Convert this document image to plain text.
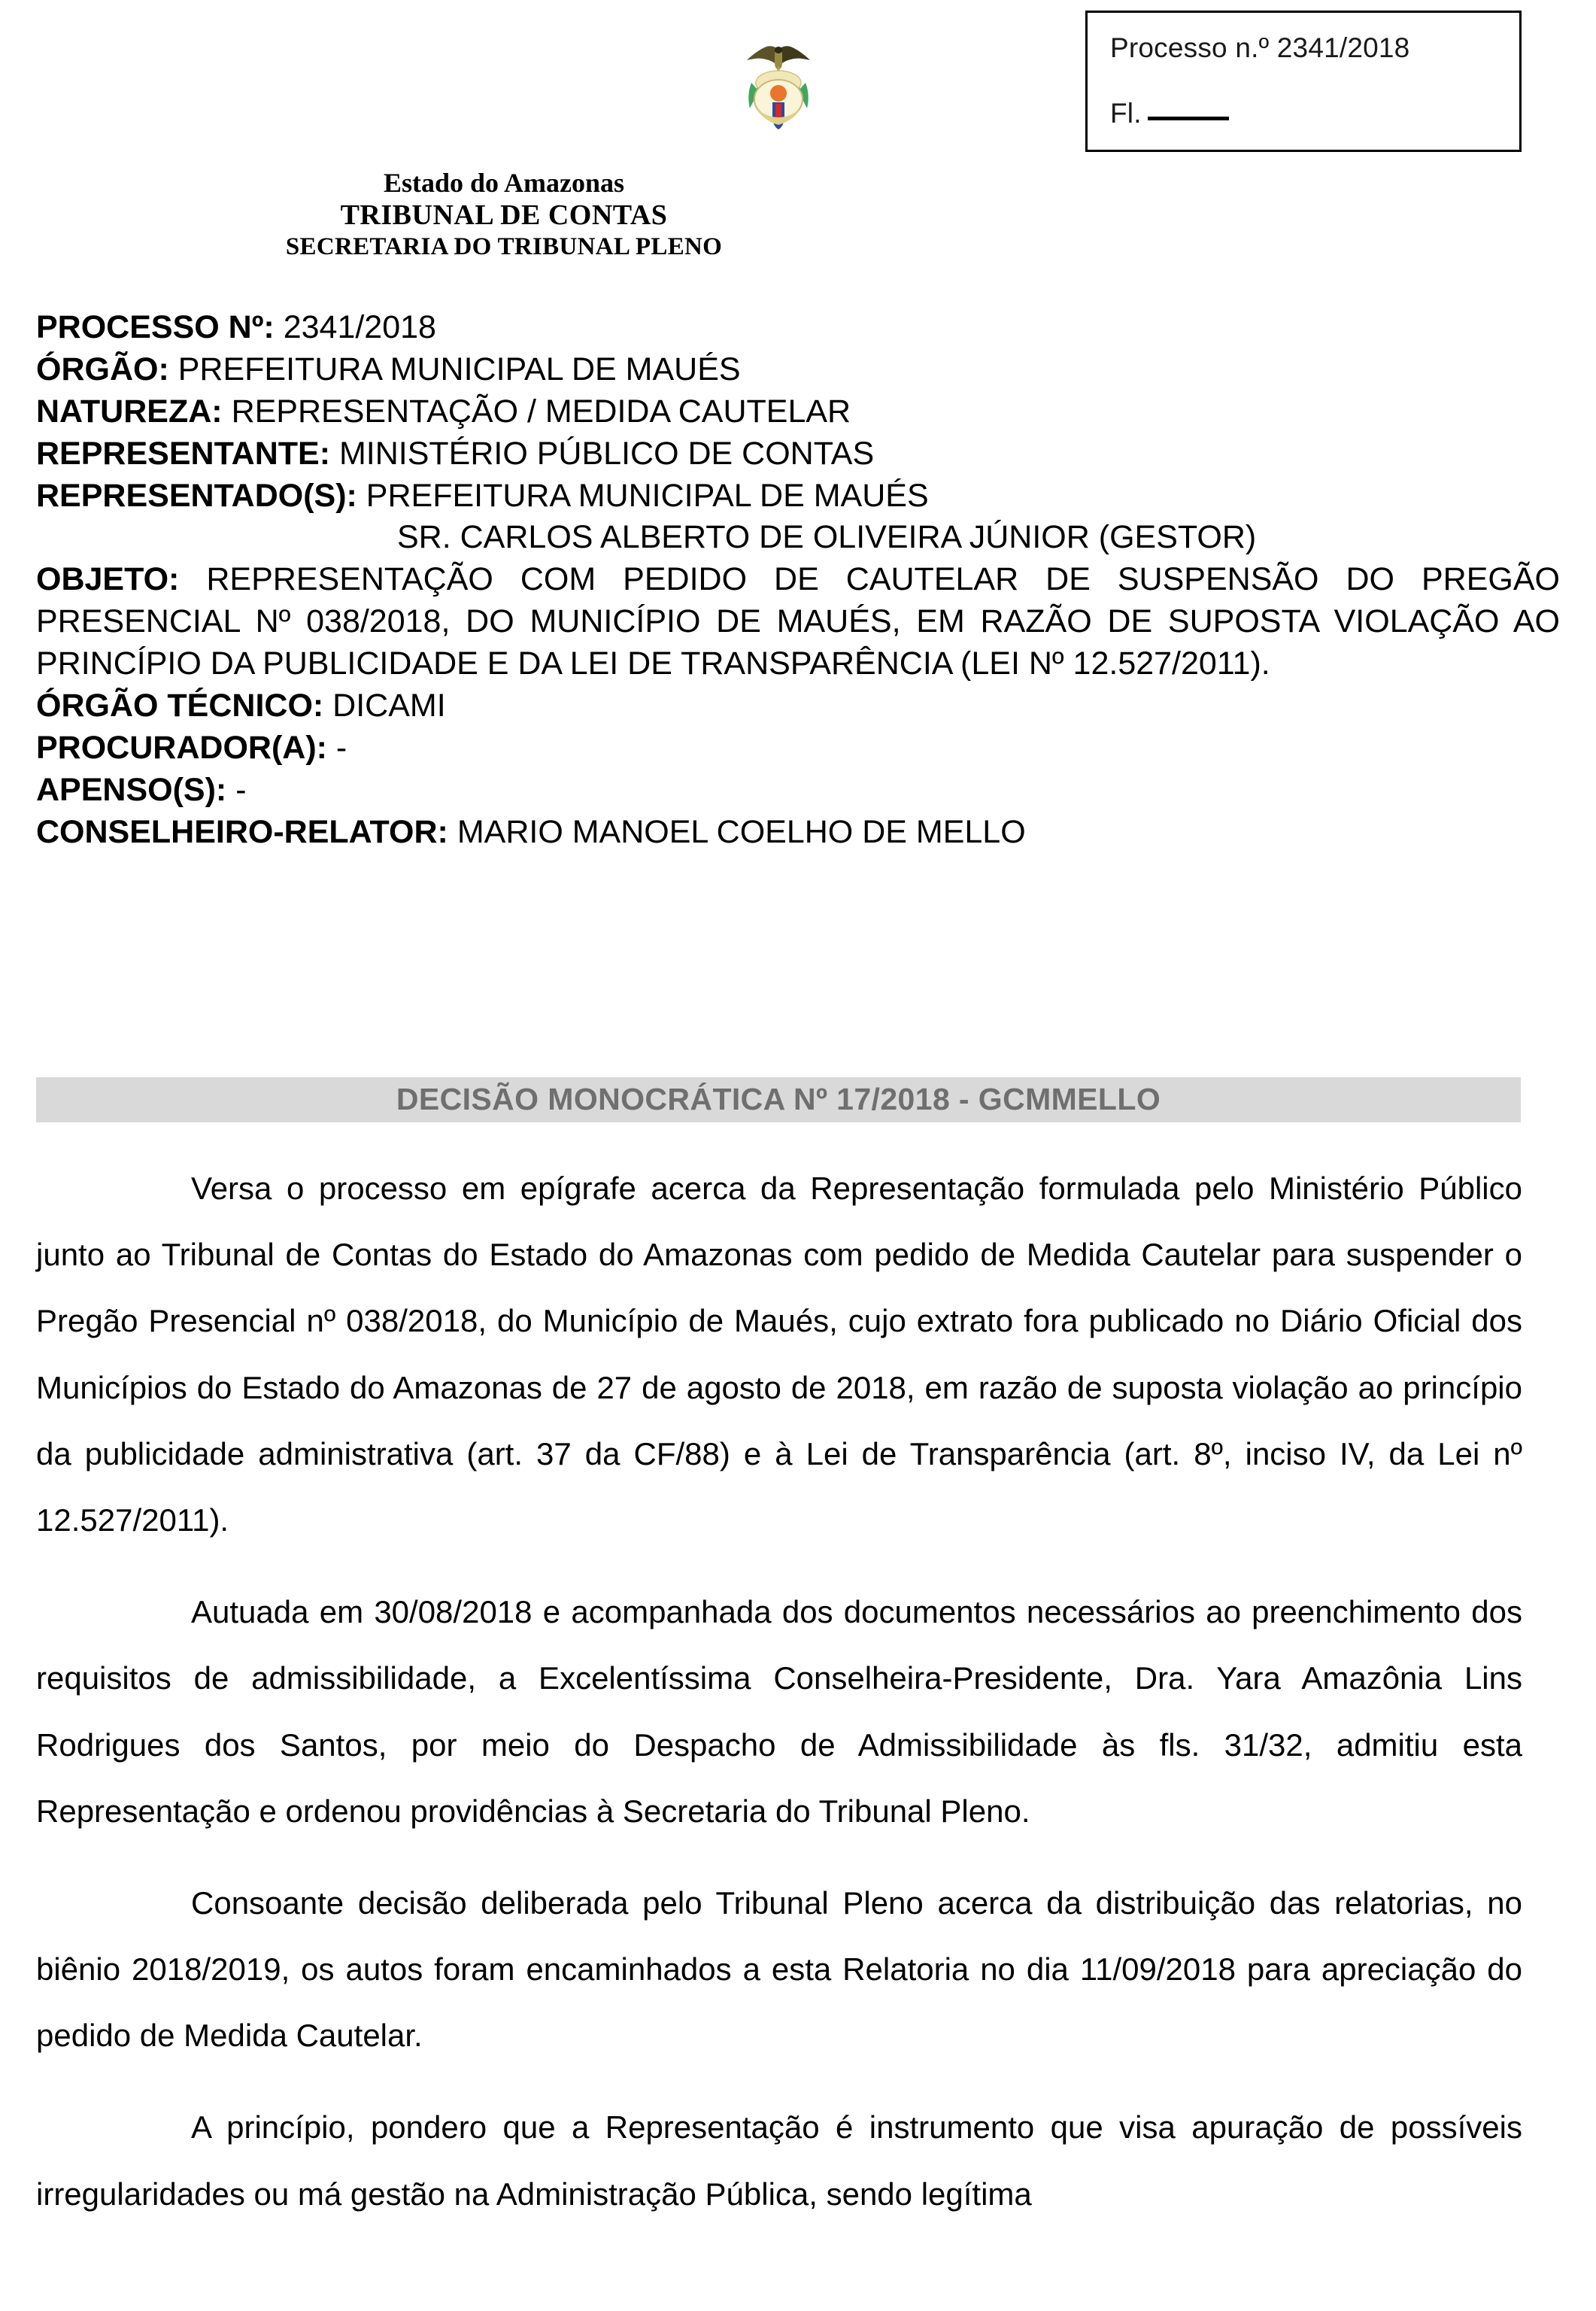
Processo n.º 2341/2018
Fl.
Estado do Amazonas
TRIBUNAL DE CONTAS
SECRETARIA DO TRIBUNAL PLENO
PROCESSO Nº: 2341/2018
ÓRGÃO: PREFEITURA MUNICIPAL DE MAUÉS
NATUREZA: REPRESENTAÇÃO / MEDIDA CAUTELAR
REPRESENTANTE: MINISTÉRIO PÚBLICO DE CONTAS
REPRESENTADO(S): PREFEITURA MUNICIPAL DE MAUÉS
SR. CARLOS ALBERTO DE OLIVEIRA JÚNIOR (GESTOR)
OBJETO: REPRESENTAÇÃO COM PEDIDO DE CAUTELAR DE SUSPENSÃO DO PREGÃO PRESENCIAL Nº 038/2018, DO MUNICÍPIO DE MAUÉS, EM RAZÃO DE SUPOSTA VIOLAÇÃO AO PRINCÍPIO DA PUBLICIDADE E DA LEI DE TRANSPARÊNCIA (LEI Nº 12.527/2011).
ÓRGÃO TÉCNICO: DICAMI
PROCURADOR(A): -
APENSO(S): -
CONSELHEIRO-RELATOR: MARIO MANOEL COELHO DE MELLO
DECISÃO MONOCRÁTICA Nº 17/2018 - GCMMELLO

Versa o processo em epígrafe acerca da Representação formulada pelo Ministério Público junto ao Tribunal de Contas do Estado do Amazonas com pedido de Medida Cautelar para suspender o Pregão Presencial nº 038/2018, do Município de Maués, cujo extrato fora publicado no Diário Oficial dos Municípios do Estado do Amazonas de 27 de agosto de 2018, em razão de suposta violação ao princípio da publicidade administrativa (art. 37 da CF/88) e à Lei de Transparência (art. 8º, inciso IV, da Lei nº 12.527/2011).

Autuada em 30/08/2018 e acompanhada dos documentos necessários ao preenchimento dos requisitos de admissibilidade, a Excelentíssima Conselheira-Presidente, Dra. Yara Amazônia Lins Rodrigues dos Santos, por meio do Despacho de Admissibilidade às fls. 31/32, admitiu esta Representação e ordenou providências à Secretaria do Tribunal Pleno.

Consoante decisão deliberada pelo Tribunal Pleno acerca da distribuição das relatorias, no biênio 2018/2019, os autos foram encaminhados a esta Relatoria no dia 11/09/2018 para apreciação do pedido de Medida Cautelar.

A princípio, pondero que a Representação é instrumento que visa apuração de possíveis irregularidades ou má gestão na Administração Pública, sendo legítima
